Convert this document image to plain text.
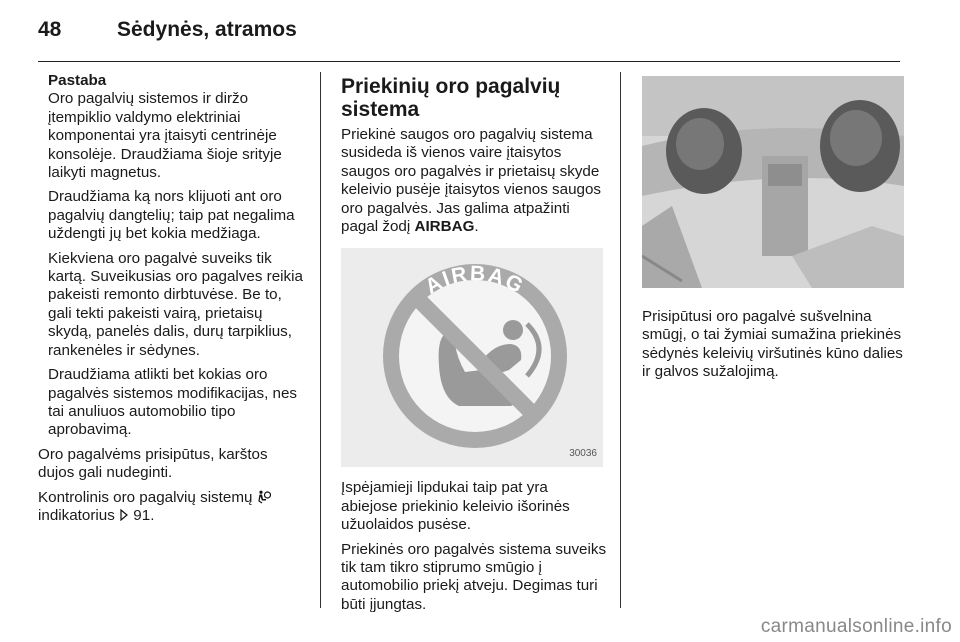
48	Sėdynės, atramos
Pastaba

Oro pagalvių sistemos ir diržo įtempiklio valdymo elektriniai komponentai yra įtaisyti centrinėje konsolėje. Draudžiama šioje srityje laikyti magnetus.

Draudžiama ką nors klijuoti ant oro pagalvių dangtelių; taip pat negalima uždengti jų bet kokia medžiaga.

Kiekviena oro pagalvė suveiks tik kartą. Suveikusias oro pagalves reikia pakeisti remonto dirbtuvėse. Be to, gali tekti pakeisti vairą, prietaisų skydą, panelės dalis, durų tarpiklius, rankenėles ir sėdynes.

Draudžiama atlikti bet kokias oro pagalvės sistemos modifikacijas, nes tai anuliuos automobilio tipo aprobavimą.

Oro pagalvėms prisipūtus, karštos dujos gali nudeginti.

Kontrolinis oro pagalvių sistemų
indikatorius 91.

Priekinių oro pagalvių sistema

Priekinė saugos oro pagalvių sistema susideda iš vienos vaire įtaisytos saugos oro pagalvės ir prietaisų skyde keleivio pusėje įtaisytos vienos saugos oro pagalvės. Jas galima atpažinti pagal žodį AIRBAG.

AIRBAG
30036

Įspėjamieji lipdukai taip pat yra abiejose priekinio keleivio išorinės užuolaidos pusėse.

Priekinės oro pagalvės sistema suveiks tik tam tikro stiprumo smūgio į automobilio priekį atveju. Degimas turi būti įjungtas.

Prisipūtusi oro pagalvė sušvelnina smūgį, o tai žymiai sumažina priekinės sėdynės keleivių viršutinės kūno dalies ir galvos sužalojimą.

carmanualsonline.info
